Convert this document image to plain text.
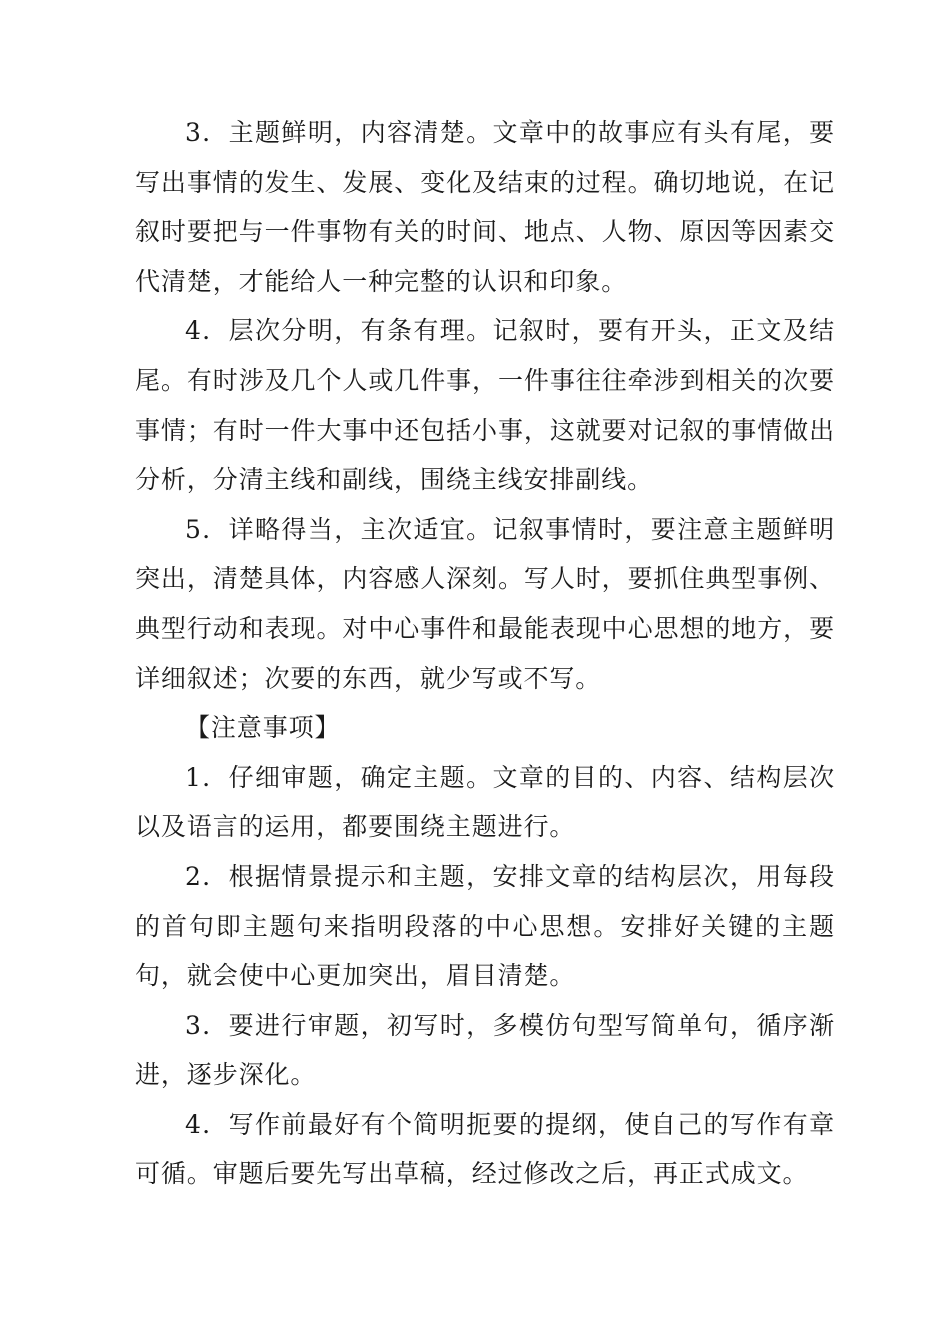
3．主题鲜明，内容清楚。文章中的故事应有头有尾，要写出事情的发生、发展、变化及结束的过程。确切地说，在记叙时要把与一件事物有关的时间、地点、人物、原因等因素交代清楚，才能给人一种完整的认识和印象。

4．层次分明，有条有理。记叙时，要有开头，正文及结尾。有时涉及几个人或几件事，一件事往往牵涉到相关的次要事情；有时一件大事中还包括小事，这就要对记叙的事情做出分析，分清主线和副线，围绕主线安排副线。

5．详略得当，主次适宜。记叙事情时，要注意主题鲜明突出，清楚具体，内容感人深刻。写人时，要抓住典型事例、典型行动和表现。对中心事件和最能表现中心思想的地方，要详细叙述；次要的东西，就少写或不写。

【注意事项】

1．仔细审题，确定主题。文章的目的、内容、结构层次以及语言的运用，都要围绕主题进行。

2．根据情景提示和主题，安排文章的结构层次，用每段的首句即主题句来指明段落的中心思想。安排好关键的主题句，就会使中心更加突出，眉目清楚。

3．要进行审题，初写时，多模仿句型写简单句，循序渐进，逐步深化。

4．写作前最好有个简明扼要的提纲，使自己的写作有章可循。审题后要先写出草稿，经过修改之后，再正式成文。
